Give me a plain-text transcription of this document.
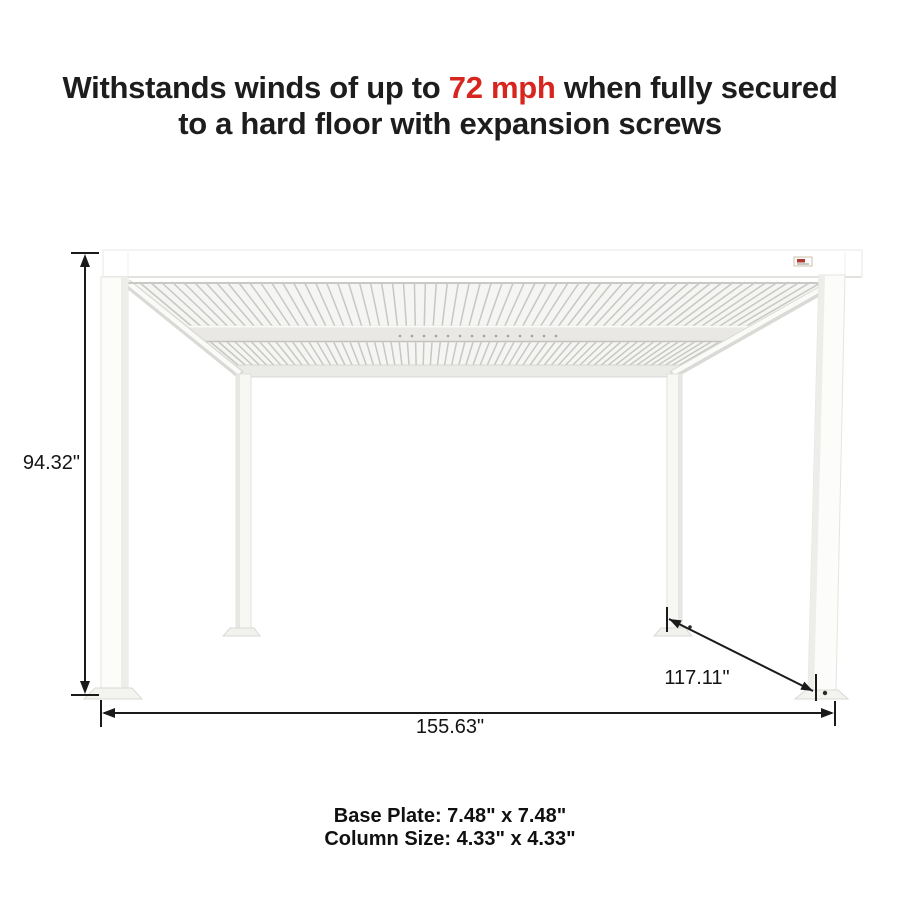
Withstands winds of up to 72 mph when fully secured
to a hard floor with expansion screws
94.32"
155.63"
117.11"
Base Plate: 7.48" x 7.48"
Column Size: 4.33" x 4.33"
